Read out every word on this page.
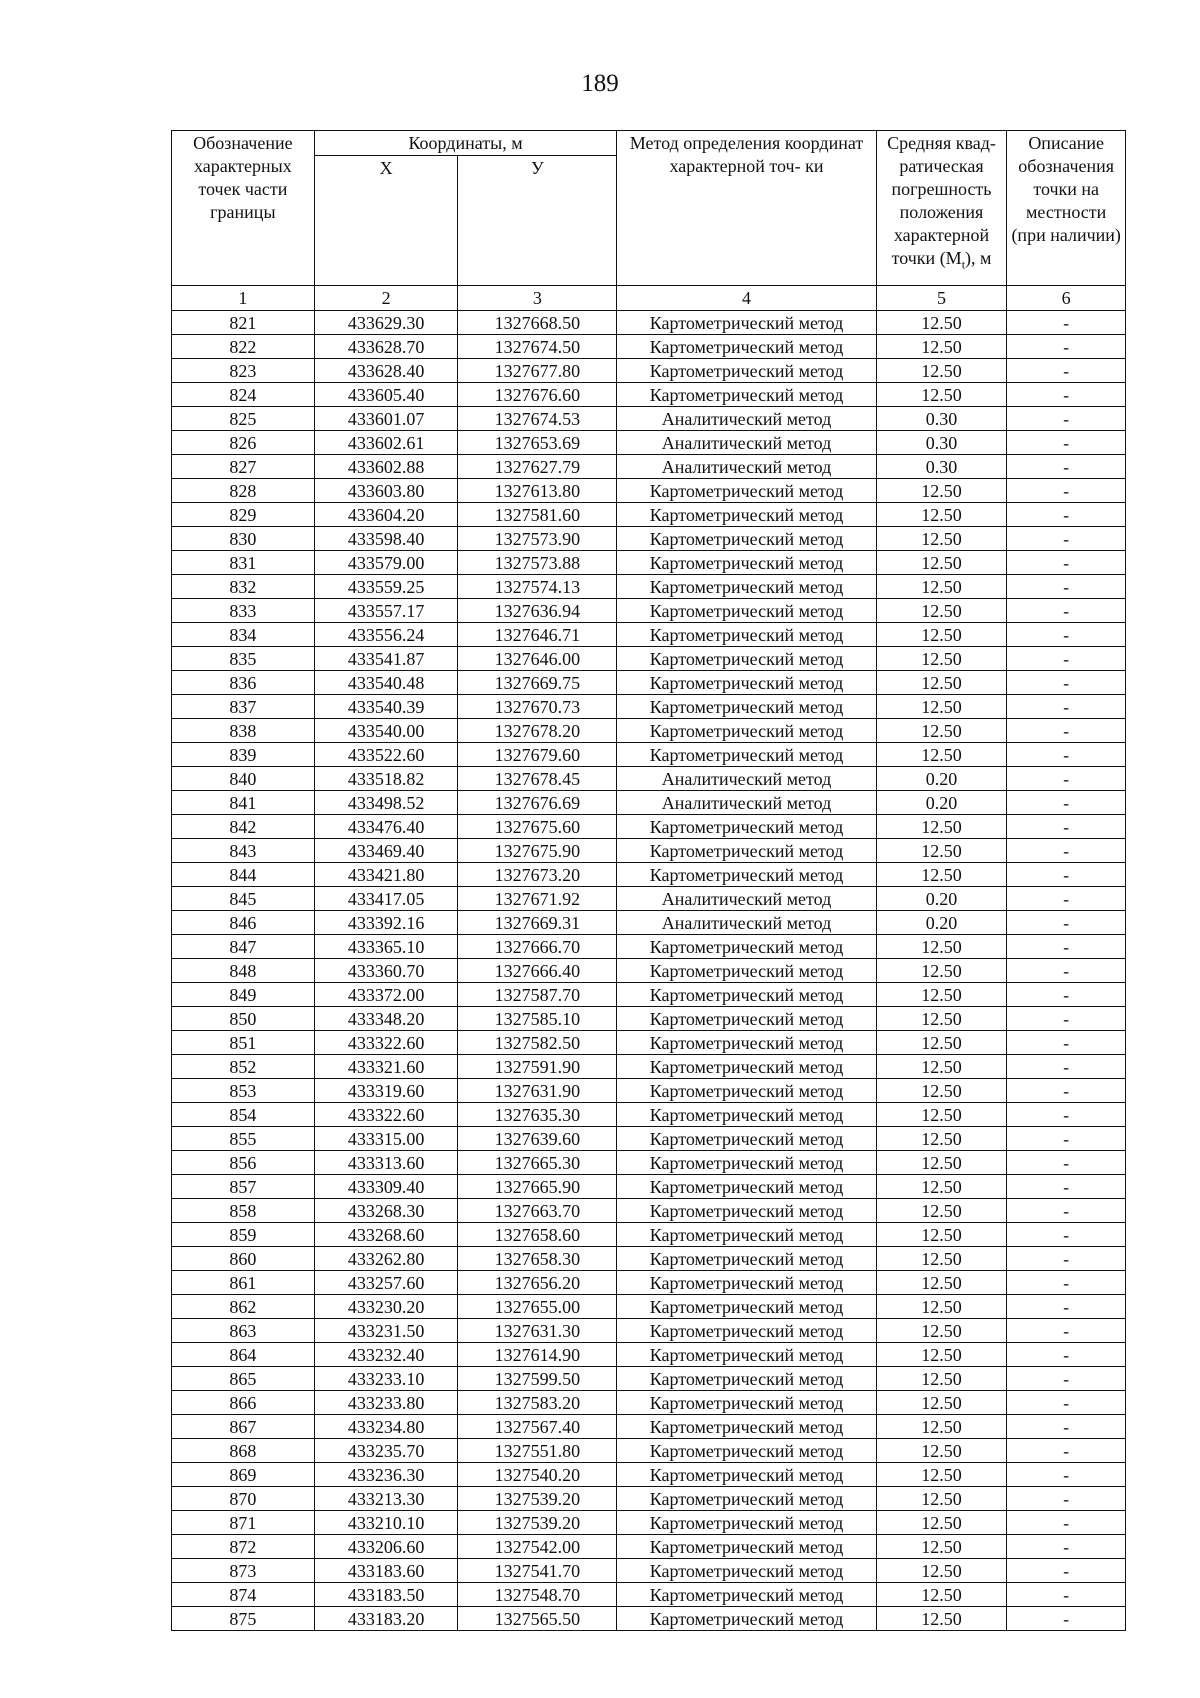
189
Обозначение характерных точек части границы	Координаты, м		Метод определения координат характерной точ- ки	Средняя квад- ратическая погрешность положения характерной точки $(M_t)$, м	Описание обозначения точки на местности (при наличии)
	X	У			
1	2	3	4	5	6
821	433629.30	1327668.50	Картометрический метод	12.50	-
822	433628.70	1327674.50	Картометрический метод	12.50	-
823	433628.40	1327677.80	Картометрический метод	12.50	-
824	433605.40	1327676.60	Картометрический метод	12.50	-
825	433601.07	1327674.53	Аналитический метод	0.30	-
826	433602.61	1327653.69	Аналитический метод	0.30	-
827	433602.88	1327627.79	Аналитический метод	0.30	-
828	433603.80	1327613.80	Картометрический метод	12.50	-
829	433604.20	1327581.60	Картометрический метод	12.50	-
830	433598.40	1327573.90	Картометрический метод	12.50	-
831	433579.00	1327573.88	Картометрический метод	12.50	-
832	433559.25	1327574.13	Картометрический метод	12.50	-
833	433557.17	1327636.94	Картометрический метод	12.50	-
834	433556.24	1327646.71	Картометрический метод	12.50	-
835	433541.87	1327646.00	Картометрический метод	12.50	-
836	433540.48	1327669.75	Картометрический метод	12.50	-
837	433540.39	1327670.73	Картометрический метод	12.50	-
838	433540.00	1327678.20	Картометрический метод	12.50	-
839	433522.60	1327679.60	Картометрический метод	12.50	-
840	433518.82	1327678.45	Аналитический метод	0.20	-
841	433498.52	1327676.69	Аналитический метод	0.20	-
842	433476.40	1327675.60	Картометрический метод	12.50	-
843	433469.40	1327675.90	Картометрический метод	12.50	-
844	433421.80	1327673.20	Картометрический метод	12.50	-
845	433417.05	1327671.92	Аналитический метод	0.20	-
846	433392.16	1327669.31	Аналитический метод	0.20	-
847	433365.10	1327666.70	Картометрический метод	12.50	-
848	433360.70	1327666.40	Картометрический метод	12.50	-
849	433372.00	1327587.70	Картометрический метод	12.50	-
850	433348.20	1327585.10	Картометрический метод	12.50	-
851	433322.60	1327582.50	Картометрический метод	12.50	-
852	433321.60	1327591.90	Картометрический метод	12.50	-
853	433319.60	1327631.90	Картометрический метод	12.50	-
854	433322.60	1327635.30	Картометрический метод	12.50	-
855	433315.00	1327639.60	Картометрический метод	12.50	-
856	433313.60	1327665.30	Картометрический метод	12.50	-
857	433309.40	1327665.90	Картометрический метод	12.50	-
858	433268.30	1327663.70	Картометрический метод	12.50	-
859	433268.60	1327658.60	Картометрический метод	12.50	-
860	433262.80	1327658.30	Картометрический метод	12.50	-
861	433257.60	1327656.20	Картометрический метод	12.50	-
862	433230.20	1327655.00	Картометрический метод	12.50	-
863	433231.50	1327631.30	Картометрический метод	12.50	-
864	433232.40	1327614.90	Картометрический метод	12.50	-
865	433233.10	1327599.50	Картометрический метод	12.50	-
866	433233.80	1327583.20	Картометрический метод	12.50	-
867	433234.80	1327567.40	Картометрический метод	12.50	-
868	433235.70	1327551.80	Картометрический метод	12.50	-
869	433236.30	1327540.20	Картометрический метод	12.50	-
870	433213.30	1327539.20	Картометрический метод	12.50	-
871	433210.10	1327539.20	Картометрический метод	12.50	-
872	433206.60	1327542.00	Картометрический метод	12.50	-
873	433183.60	1327541.70	Картометрический метод	12.50	-
874	433183.50	1327548.70	Картометрический метод	12.50	-
875	433183.20	1327565.50	Картометрический метод	12.50	-
